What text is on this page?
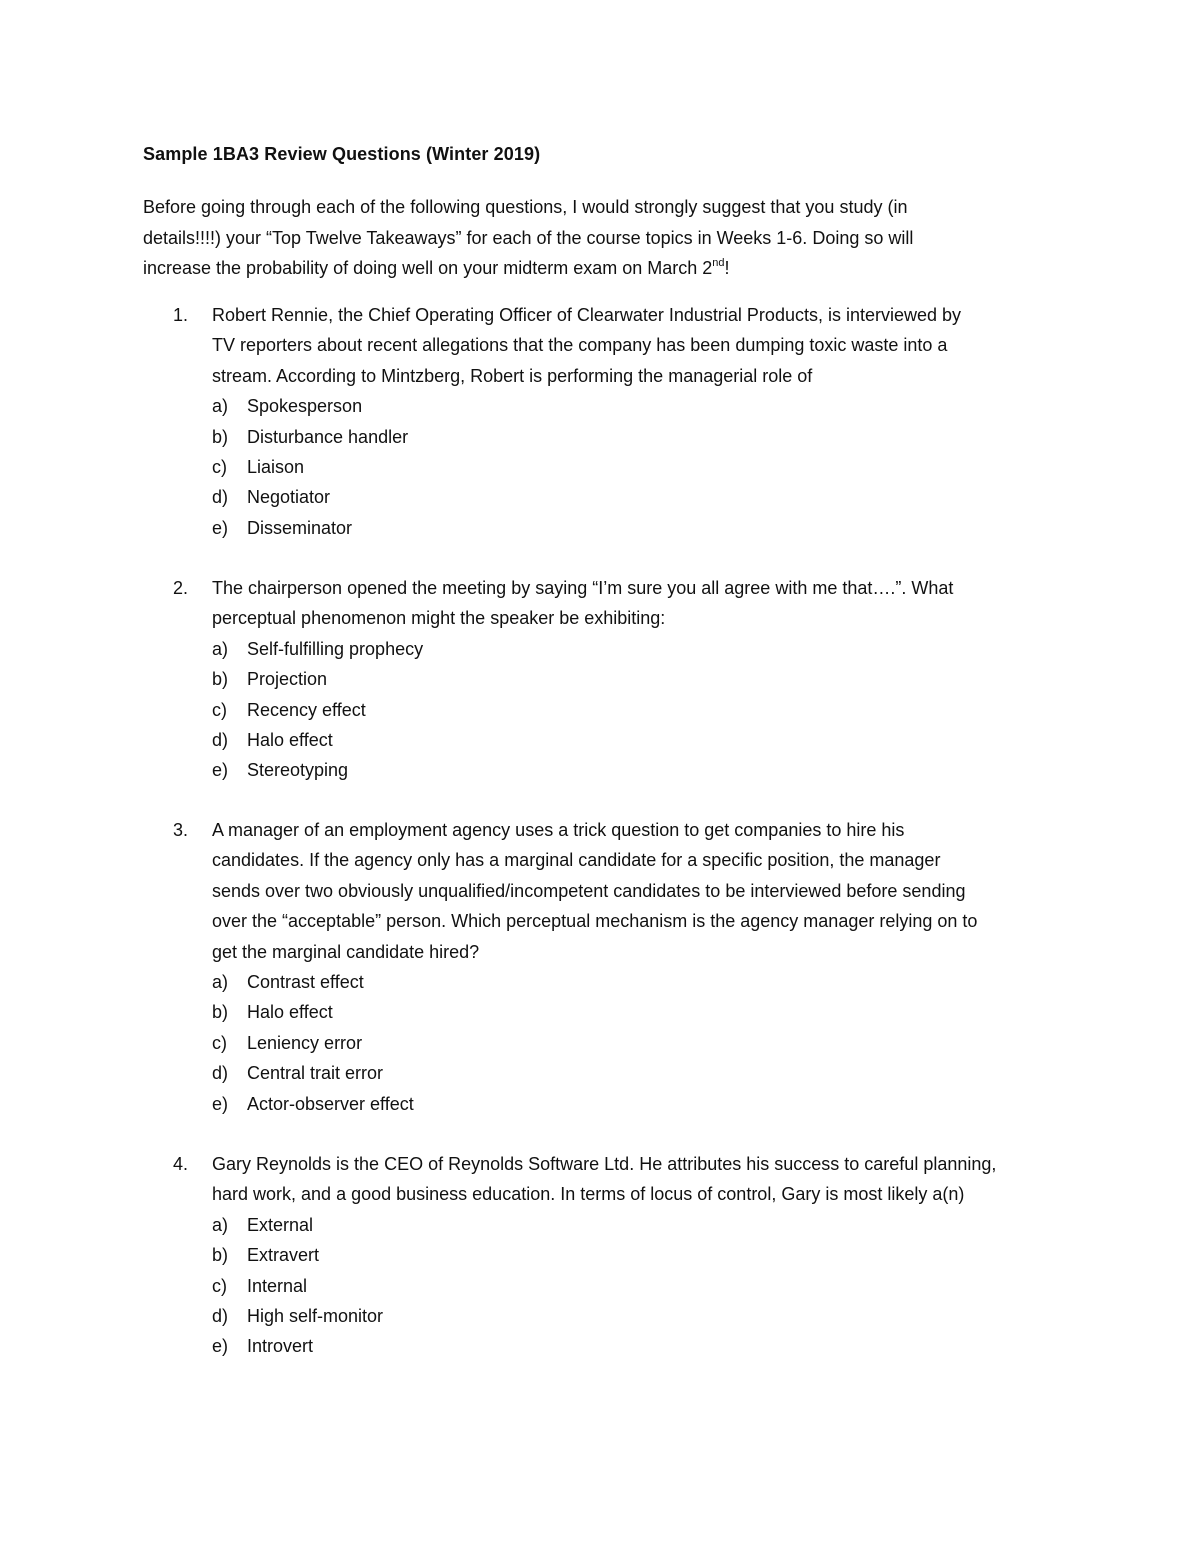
Sample 1BA3 Review Questions (Winter 2019)
Before going through each of the following questions, I would strongly suggest that you study (in
details!!!!) your “Top Twelve Takeaways” for each of the course topics in Weeks 1-6. Doing so will
increase the probability of doing well on your midterm exam on March 2nd!
1. Robert Rennie, the Chief Operating Officer of Clearwater Industrial Products, is interviewed by
TV reporters about recent allegations that the company has been dumping toxic waste into a
stream. According to Mintzberg, Robert is performing the managerial role of
a) Spokesperson
b) Disturbance handler
c) Liaison
d) Negotiator
e) Disseminator
2. The chairperson opened the meeting by saying “I’m sure you all agree with me that….”. What
perceptual phenomenon might the speaker be exhibiting:
a) Self-fulfilling prophecy
b) Projection
c) Recency effect
d) Halo effect
e) Stereotyping
3. A manager of an employment agency uses a trick question to get companies to hire his
candidates. If the agency only has a marginal candidate for a specific position, the manager
sends over two obviously unqualified/incompetent candidates to be interviewed before sending
over the “acceptable” person. Which perceptual mechanism is the agency manager relying on to
get the marginal candidate hired?
a) Contrast effect
b) Halo effect
c) Leniency error
d) Central trait error
e) Actor-observer effect
4. Gary Reynolds is the CEO of Reynolds Software Ltd. He attributes his success to careful planning,
hard work, and a good business education. In terms of locus of control, Gary is most likely a(n)
a) External
b) Extravert
c) Internal
d) High self-monitor
e) Introvert
